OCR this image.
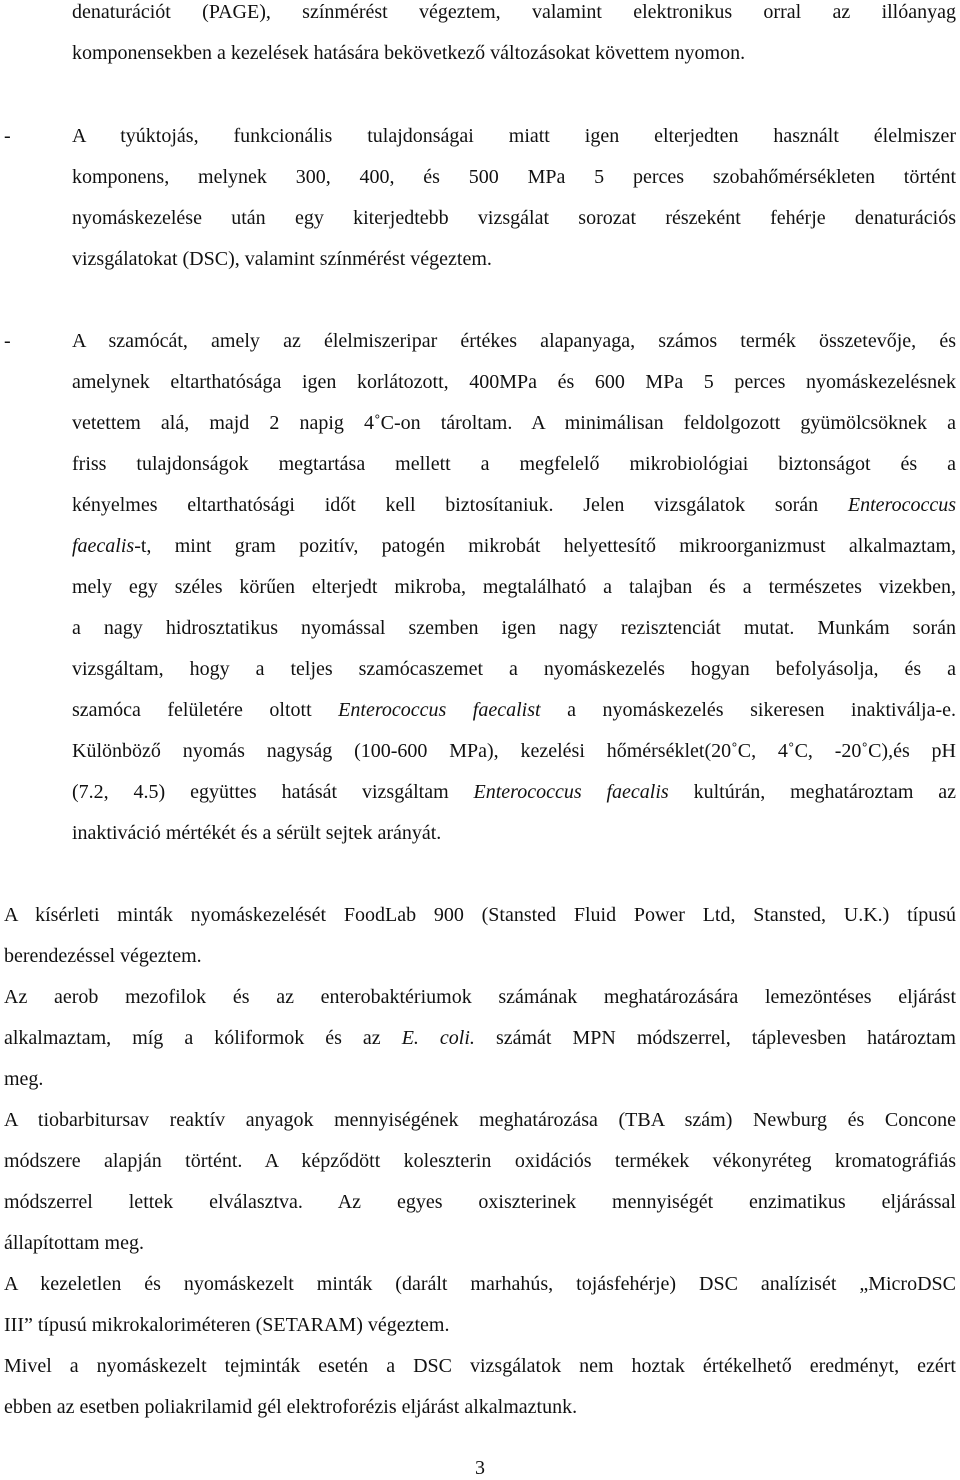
denaturációt (PAGE), színmérést végeztem, valamint elektronikus orral az illóanyag
komponensekben a kezelések hatására bekövetkező változásokat követtem nyomon.
-	A tyúktojás, funkcionális tulajdonságai miatt igen elterjedten használt élelmiszer
komponens, melynek 300, 400, és 500 MPa 5 perces szobahőmérsékleten történt
nyomáskezelése után egy kiterjedtebb vizsgálat sorozat részeként fehérje denaturációs
vizsgálatokat (DSC), valamint színmérést végeztem.
-	A szamócát, amely az élelmiszeripar értékes alapanyaga, számos termék összetevője, és
amelynek eltarthatósága igen korlátozott, 400MPa és 600 MPa 5 perces nyomáskezelésnek
vetettem alá, majd 2 napig 4˚C-on tároltam. A minimálisan feldolgozott gyümölcsöknek a
friss tulajdonságok megtartása mellett a megfelelő mikrobiológiai biztonságot és a
kényelmes eltarthatósági időt kell biztosítaniuk. Jelen vizsgálatok során Enterococcus
faecalis-t, mint gram pozitív, patogén mikrobát helyettesítő mikroorganizmust alkalmaztam,
mely egy széles körűen elterjedt mikroba, megtalálható a talajban és a természetes vizekben,
a nagy hidrosztatikus nyomással szemben igen nagy rezisztenciát mutat. Munkám során
vizsgáltam, hogy a teljes szamócaszemet a nyomáskezelés hogyan befolyásolja, és a
szamóca felületére oltott Enterococcus faecalist a nyomáskezelés sikeresen inaktiválja-e.
Különböző nyomás nagyság (100-600 MPa), kezelési hőmérséklet(20˚C, 4˚C, -20˚C),és pH
(7.2, 4.5) együttes hatását vizsgáltam Enterococcus faecalis kultúrán, meghatároztam az
inaktiváció mértékét és a sérült sejtek arányát.
A kísérleti minták nyomáskezelését FoodLab 900 (Stansted Fluid Power Ltd, Stansted, U.K.) típusú
berendezéssel végeztem.
Az aerob mezofilok és az enterobaktériumok számának meghatározására lemezöntéses eljárást
alkalmaztam, míg a kóliformok és az E. coli. számát MPN módszerrel, táplevesben határoztam
meg.
A tiobarbitursav reaktív anyagok mennyiségének meghatározása (TBA szám) Newburg és Concone
módszere alapján történt. A képződött koleszterin oxidációs termékek vékonyréteg kromatográfiás
módszerrel lettek elválasztva. Az egyes oxiszterinek mennyiségét enzimatikus eljárással
állapítottam meg.
A kezeletlen és nyomáskezelt minták (darált marhahús, tojásfehérje) DSC analízisét „MicroDSC
III” típusú mikrokaloriméteren (SETARAM) végeztem.
Mivel a nyomáskezelt tejminták esetén a DSC vizsgálatok nem hoztak értékelhető eredményt, ezért
ebben az esetben poliakrilamid gél elektroforézis eljárást alkalmaztunk.
3
